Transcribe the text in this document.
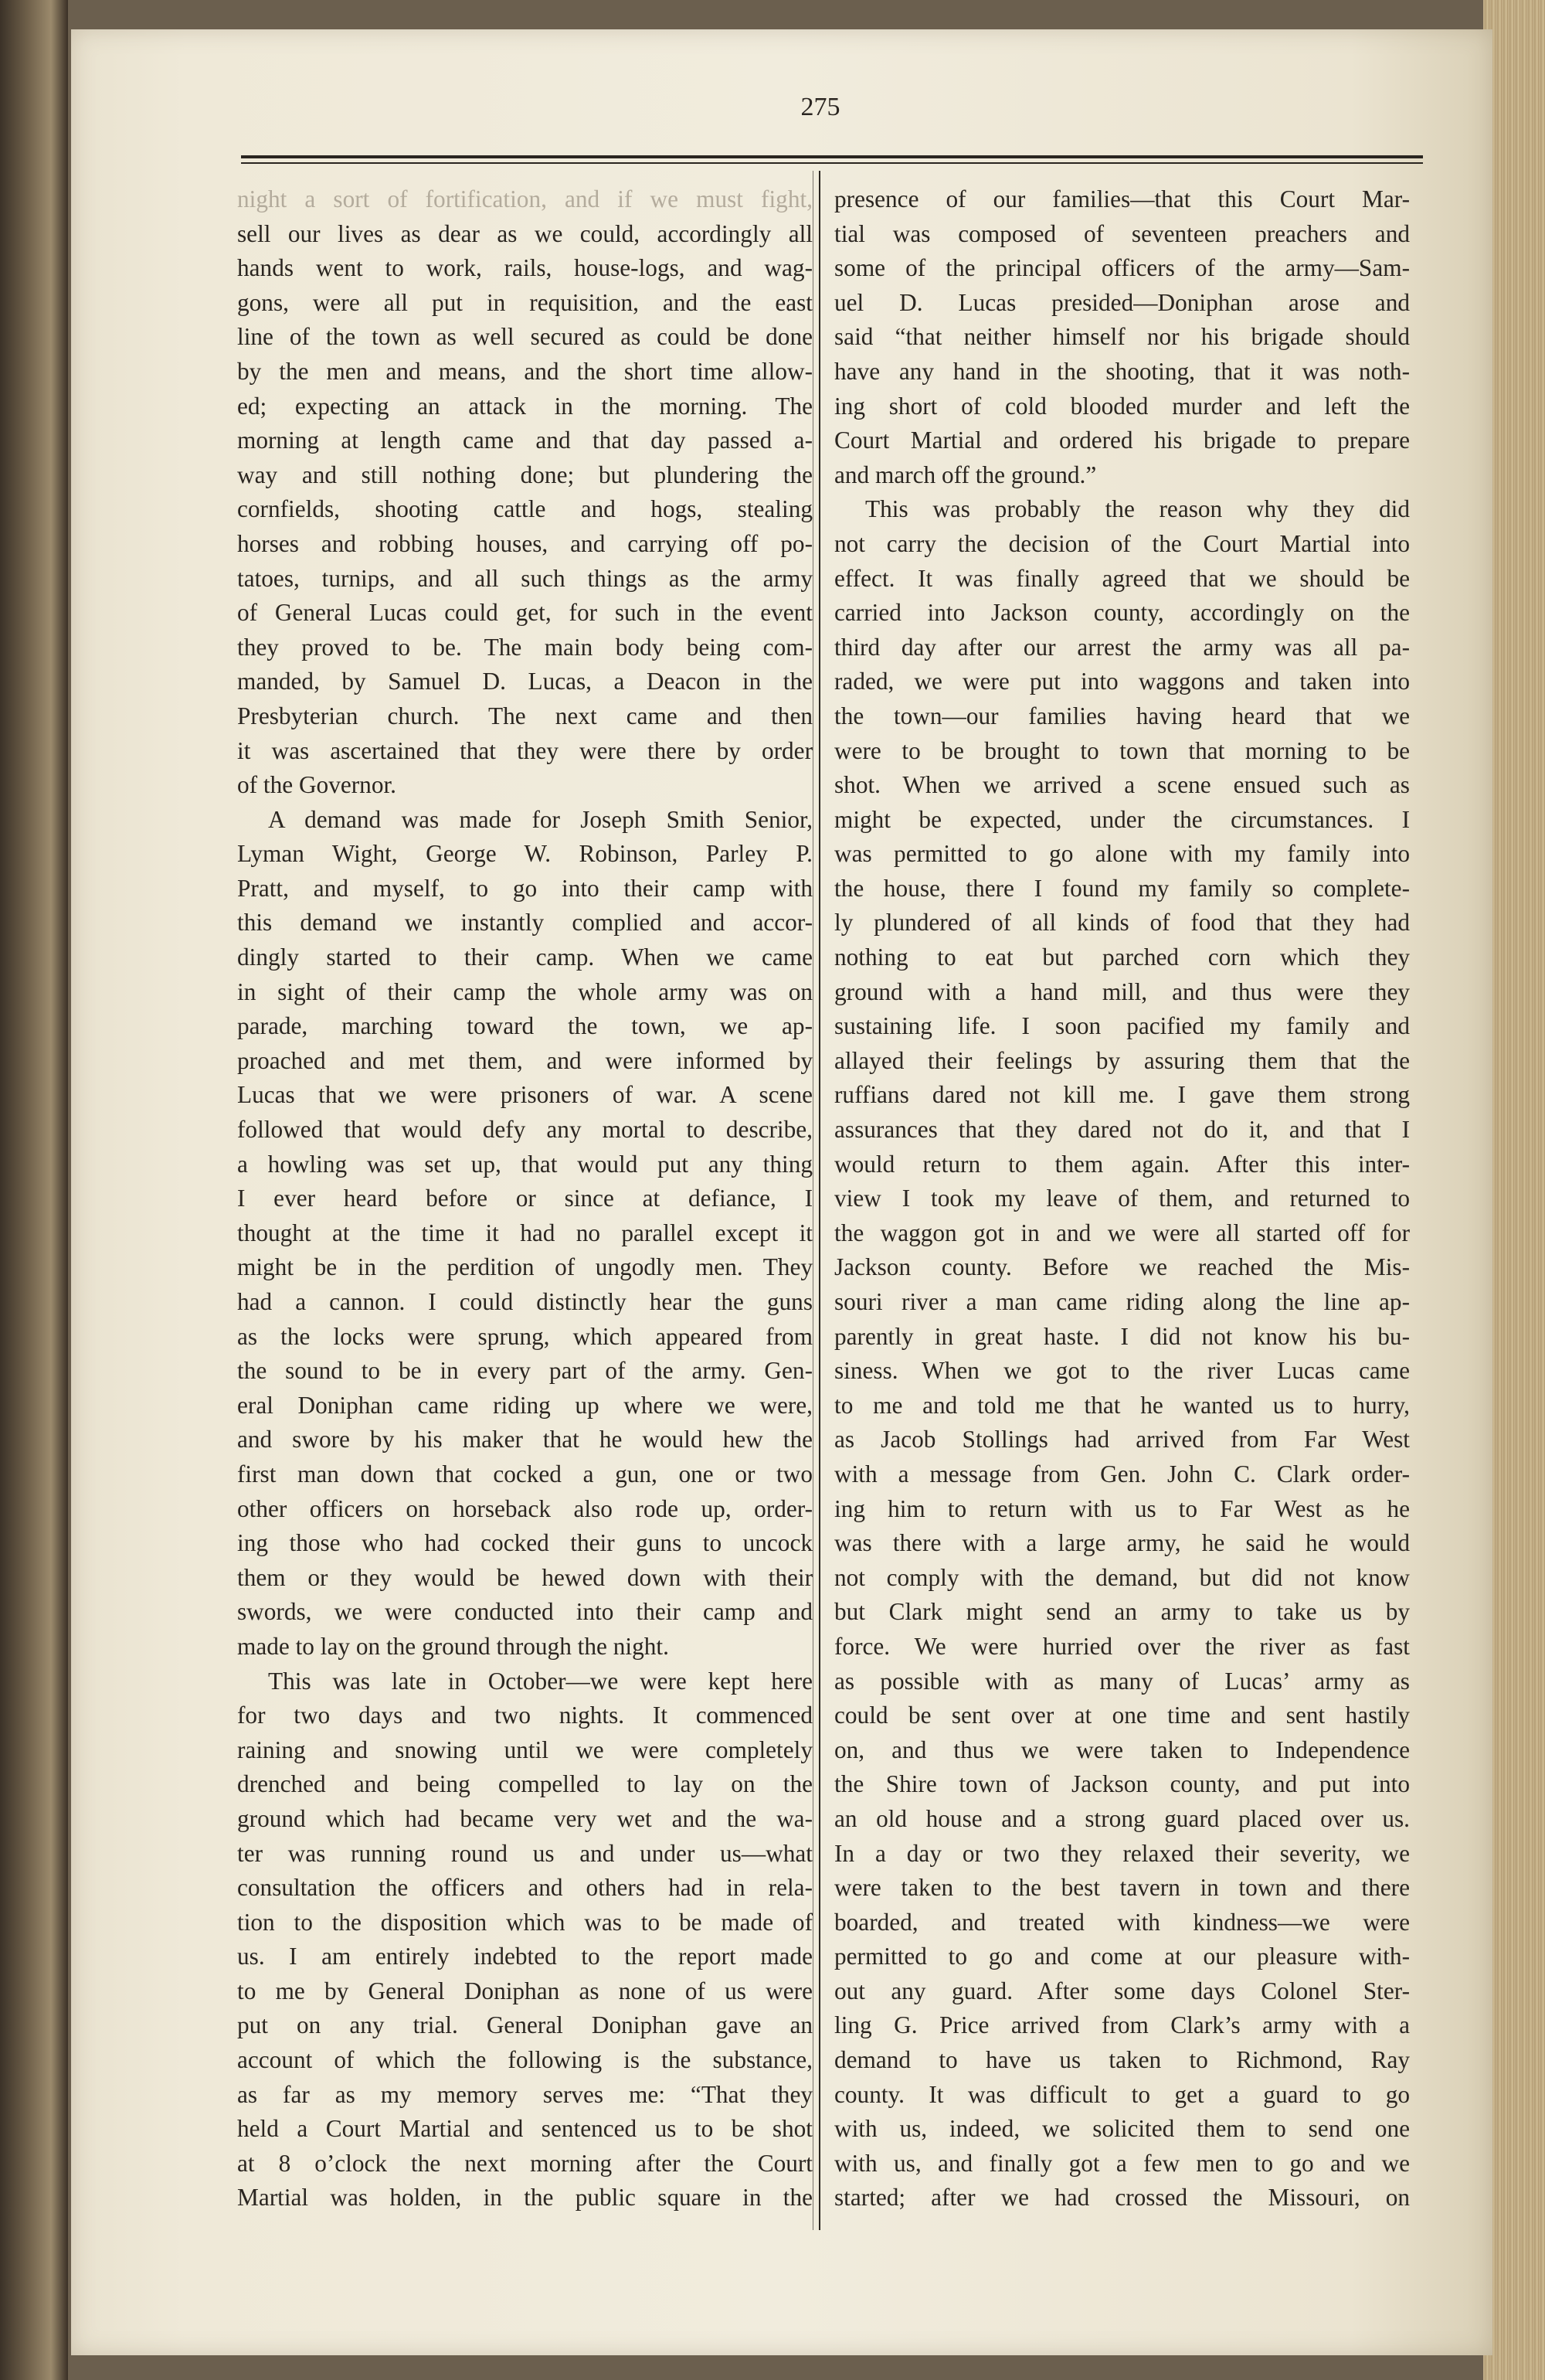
275
night a sort of fortification, and if we must fight,
sell our lives as dear as we could, accordingly all
hands went to work, rails, house-logs, and wag-
gons, were all put in requisition, and the east
line of the town as well secured as could be done
by the men and means, and the short time allow-
ed; expecting an attack in the morning. The
morning at length came and that day passed a-
way and still nothing done; but plundering the
cornfields, shooting cattle and hogs, stealing
horses and robbing houses, and carrying off po-
tatoes, turnips, and all such things as the army
of General Lucas could get, for such in the event
they proved to be. The main body being com-
manded, by Samuel D. Lucas, a Deacon in the
Presbyterian church. The next came and then
it was ascertained that they were there by order
of the Governor.
A demand was made for Joseph Smith Senior,
Lyman Wight, George W. Robinson, Parley P.
Pratt, and myself, to go into their camp with
this demand we instantly complied and accor-
dingly started to their camp. When we came
in sight of their camp the whole army was on
parade, marching toward the town, we ap-
proached and met them, and were informed by
Lucas that we were prisoners of war. A scene
followed that would defy any mortal to describe,
a howling was set up, that would put any thing
I ever heard before or since at defiance, I
thought at the time it had no parallel except it
might be in the perdition of ungodly men. They
had a cannon. I could distinctly hear the guns
as the locks were sprung, which appeared from
the sound to be in every part of the army. Gen-
eral Doniphan came riding up where we were,
and swore by his maker that he would hew the
first man down that cocked a gun, one or two
other officers on horseback also rode up, order-
ing those who had cocked their guns to uncock
them or they would be hewed down with their
swords, we were conducted into their camp and
made to lay on the ground through the night.
This was late in October—we were kept here
for two days and two nights. It commenced
raining and snowing until we were completely
drenched and being compelled to lay on the
ground which had became very wet and the wa-
ter was running round us and under us—what
consultation the officers and others had in rela-
tion to the disposition which was to be made of
us. I am entirely indebted to the report made
to me by General Doniphan as none of us were
put on any trial. General Doniphan gave an
account of which the following is the substance,
as far as my memory serves me: “That they
held a Court Martial and sentenced us to be shot
at 8 o’clock the next morning after the Court
Martial was holden, in the public square in the
presence of our families—that this Court Mar-
tial was composed of seventeen preachers and
some of the principal officers of the army—Sam-
uel D. Lucas presided—Doniphan arose and
said “that neither himself nor his brigade should
have any hand in the shooting, that it was noth-
ing short of cold blooded murder and left the
Court Martial and ordered his brigade to prepare
and march off the ground.”
This was probably the reason why they did
not carry the decision of the Court Martial into
effect. It was finally agreed that we should be
carried into Jackson county, accordingly on the
third day after our arrest the army was all pa-
raded, we were put into waggons and taken into
the town—our families having heard that we
were to be brought to town that morning to be
shot. When we arrived a scene ensued such as
might be expected, under the circumstances. I
was permitted to go alone with my family into
the house, there I found my family so complete-
ly plundered of all kinds of food that they had
nothing to eat but parched corn which they
ground with a hand mill, and thus were they
sustaining life. I soon pacified my family and
allayed their feelings by assuring them that the
ruffians dared not kill me. I gave them strong
assurances that they dared not do it, and that I
would return to them again. After this inter-
view I took my leave of them, and returned to
the waggon got in and we were all started off for
Jackson county. Before we reached the Mis-
souri river a man came riding along the line ap-
parently in great haste. I did not know his bu-
siness. When we got to the river Lucas came
to me and told me that he wanted us to hurry,
as Jacob Stollings had arrived from Far West
with a message from Gen. John C. Clark order-
ing him to return with us to Far West as he
was there with a large army, he said he would
not comply with the demand, but did not know
but Clark might send an army to take us by
force. We were hurried over the river as fast
as possible with as many of Lucas’ army as
could be sent over at one time and sent hastily
on, and thus we were taken to Independence
the Shire town of Jackson county, and put into
an old house and a strong guard placed over us.
In a day or two they relaxed their severity, we
were taken to the best tavern in town and there
boarded, and treated with kindness—we were
permitted to go and come at our pleasure with-
out any guard. After some days Colonel Ster-
ling G. Price arrived from Clark’s army with a
demand to have us taken to Richmond, Ray
county. It was difficult to get a guard to go
with us, indeed, we solicited them to send one
with us, and finally got a few men to go and we
started; after we had crossed the Missouri, on
